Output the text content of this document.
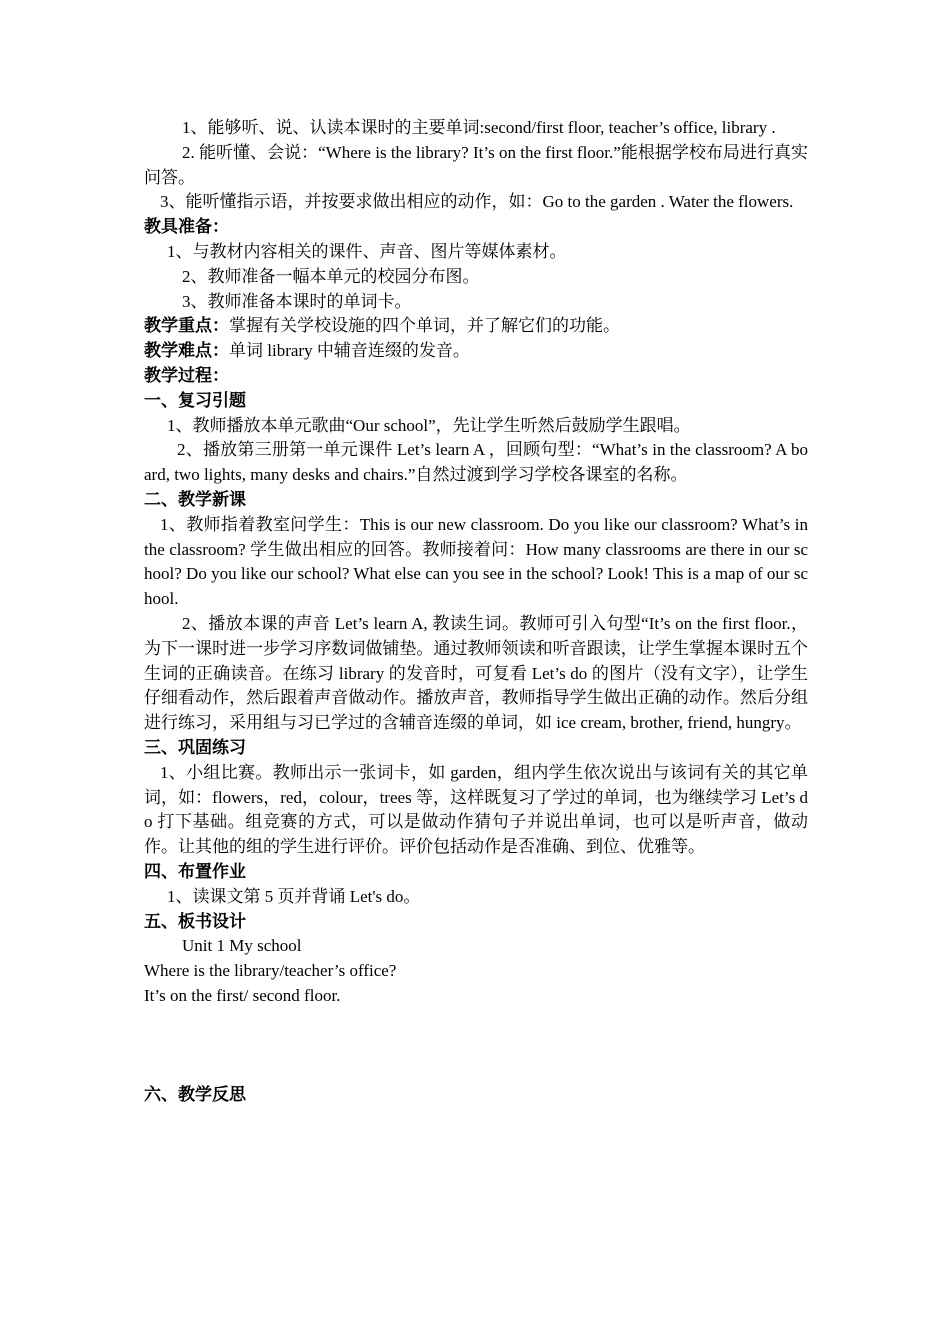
1、能够听、说、认读本课时的主要单词:second/first floor, teacher’s office, library .

2. 能听懂、会说：“Where is the library? It’s on the first floor.”能根据学校布局进行真实问答。

3、能听懂指示语，并按要求做出相应的动作，如：Go to the garden . Water the flowers.

教具准备：

1、与教材内容相关的课件、声音、图片等媒体素材。

2、教师准备一幅本单元的校园分布图。

3、教师准备本课时的单词卡。

教学重点：掌握有关学校设施的四个单词，并了解它们的功能。

教学难点：单词 library 中辅音连缀的发音。

教学过程：

一、复习引题

1、教师播放本单元歌曲“Our school”，先让学生听然后鼓励学生跟唱。

2、播放第三册第一单元课件 Let’s learn A ，回顾句型：“What’s in the classroom? A board, two lights, many desks and chairs.”自然过渡到学习学校各课室的名称。

二、教学新课

1、教师指着教室问学生：This is our new classroom. Do you like our classroom? What’s in the classroom? 学生做出相应的回答。教师接着问：How many classrooms are there in our school? Do you like our school? What else can you see in the school? Look! This is a map of our school.

2、播放本课的声音 Let’s learn A, 教读生词。教师可引入句型“It’s on the first floor.，为下一课时进一步学习序数词做铺垫。通过教师领读和听音跟读，让学生掌握本课时五个生词的正确读音。在练习 library 的发音时，可复看 Let’s do 的图片（没有文字），让学生仔细看动作，然后跟着声音做动作。播放声音，教师指导学生做出正确的动作。然后分组进行练习，采用组与习已学过的含辅音连缀的单词，如 ice cream, brother, friend, hungry。

三、巩固练习

1、小组比赛。教师出示一张词卡，如 garden，组内学生依次说出与该词有关的其它单词，如：flowers，red，colour，trees 等，这样既复习了学过的单词，也为继续学习 Let’s do 打下基础。组竞赛的方式，可以是做动作猜句子并说出单词，也可以是听声音，做动作。让其他的组的学生进行评价。评价包括动作是否准确、到位、优雅等。

四、布置作业

1、读课文第 5 页并背诵 Let's do。

五、板书设计

Unit 1 My school

Where is the library/teacher’s office?

It’s on the first/ second floor.

六、教学反思
